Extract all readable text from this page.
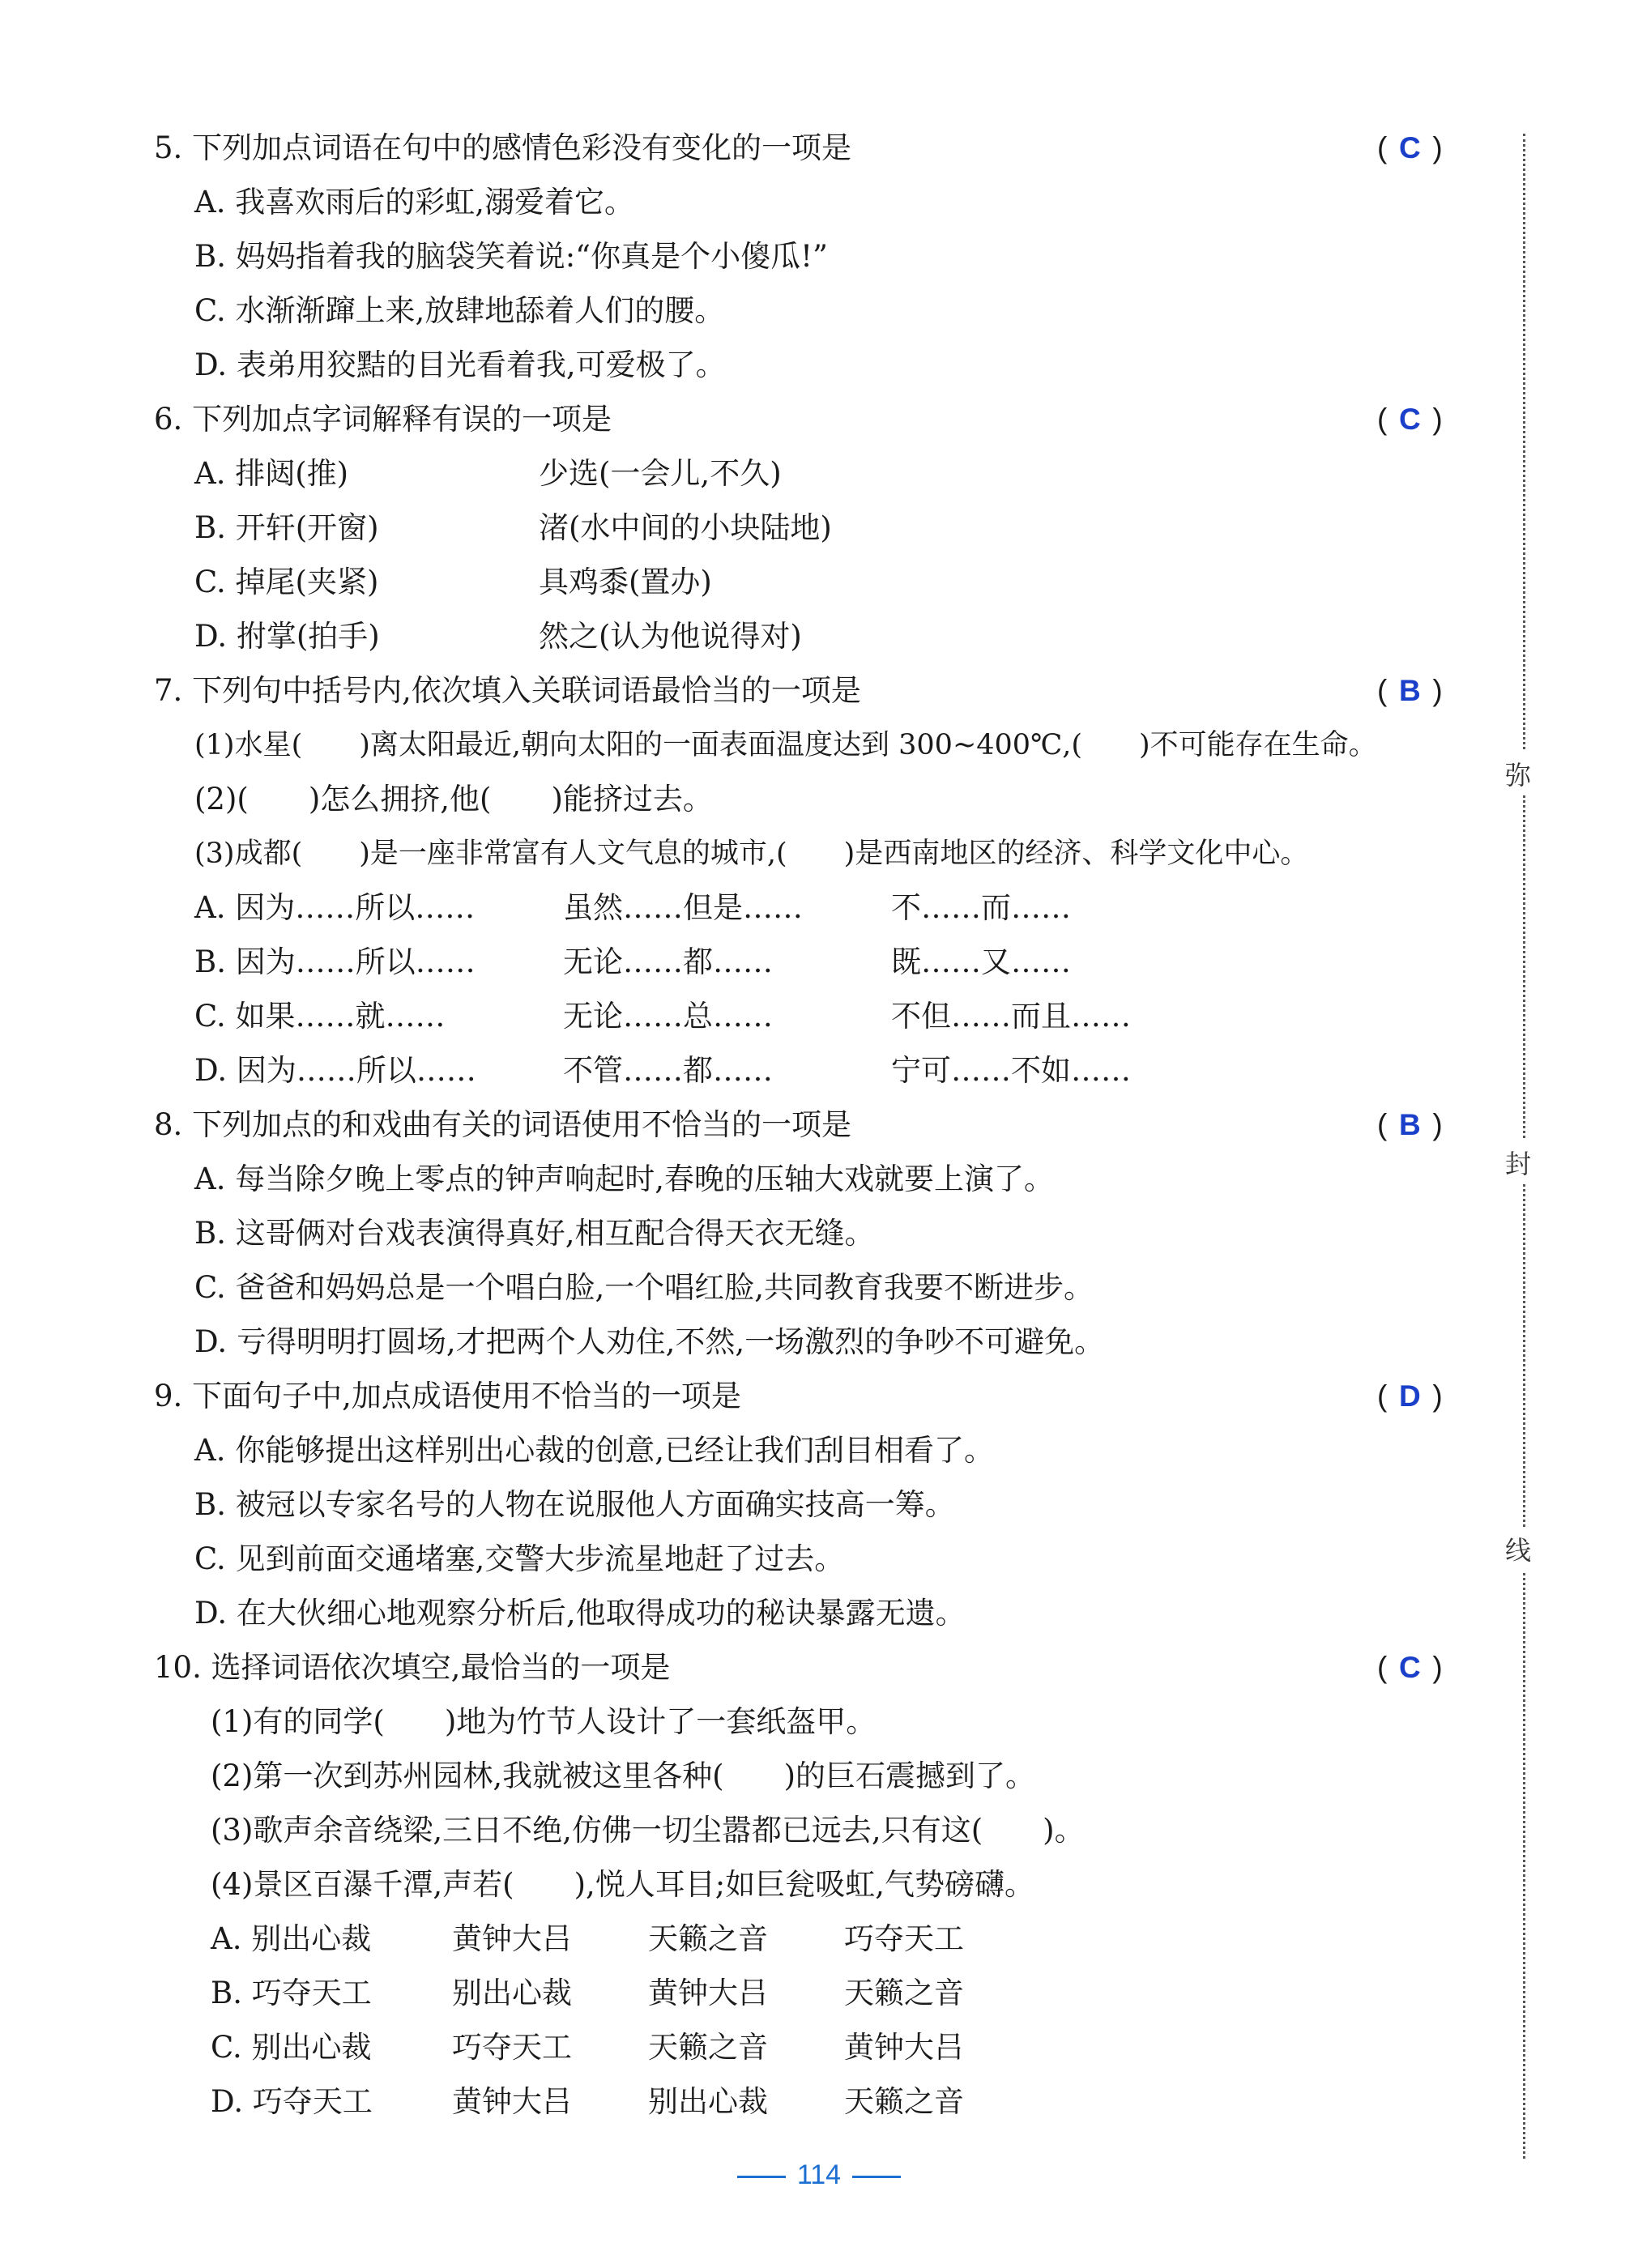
5. 下列加点词语在句中的感情色彩没有变化的一项是	( C )
A. 我喜欢雨后的彩虹,溺爱着它。
B. 妈妈指着我的脑袋笑着说:“你真是个小傻瓜!”
C. 水渐渐蹿上来,放肆地舔着人们的腰。
D. 表弟用狡黠的目光看着我,可爱极了。
6. 下列加点字词解释有误的一项是	( C )
A. 排闼(推)	少选(一会儿,不久)
B. 开轩(开窗)	渚(水中间的小块陆地)
C. 掉尾(夹紧)	具鸡黍(置办)
D. 拊掌(拍手)	然之(认为他说得对)
7. 下列句中括号内,依次填入关联词语最恰当的一项是	( B )
(1)水星(　　)离太阳最近,朝向太阳的一面表面温度达到 300~400℃,(　　)不可能存在生命。
(2)(　　)怎么拥挤,他(　　)能挤过去。
(3)成都(　　)是一座非常富有人文气息的城市,(　　)是西南地区的经济、科学文化中心。
A. 因为……所以……	虽然……但是……	不……而……
B. 因为……所以……	无论……都……	既……又……
C. 如果……就……	无论……总……	不但……而且……
D. 因为……所以……	不管……都……	宁可……不如……
8. 下列加点的和戏曲有关的词语使用不恰当的一项是	( B )
A. 每当除夕晚上零点的钟声响起时,春晚的压轴大戏就要上演了。
B. 这哥俩对台戏表演得真好,相互配合得天衣无缝。
C. 爸爸和妈妈总是一个唱白脸,一个唱红脸,共同教育我要不断进步。
D. 亏得明明打圆场,才把两个人劝住,不然,一场激烈的争吵不可避免。
9. 下面句子中,加点成语使用不恰当的一项是	( D )
A. 你能够提出这样别出心裁的创意,已经让我们刮目相看了。
B. 被冠以专家名号的人物在说服他人方面确实技高一筹。
C. 见到前面交通堵塞,交警大步流星地赶了过去。
D. 在大伙细心地观察分析后,他取得成功的秘诀暴露无遗。
10. 选择词语依次填空,最恰当的一项是	( C )
(1)有的同学(　　)地为竹节人设计了一套纸盔甲。
(2)第一次到苏州园林,我就被这里各种(　　)的巨石震撼到了。
(3)歌声余音绕梁,三日不绝,仿佛一切尘嚣都已远去,只有这(　　)。
(4)景区百瀑千潭,声若(　　),悦人耳目;如巨瓮吸虹,气势磅礴。
A. 别出心裁	黄钟大吕	天籁之音	巧夺天工
B. 巧夺天工	别出心裁	黄钟大吕	天籁之音
C. 别出心裁	巧夺天工	天籁之音	黄钟大吕
D. 巧夺天工	黄钟大吕	别出心裁	天籁之音
弥
封
线
114
